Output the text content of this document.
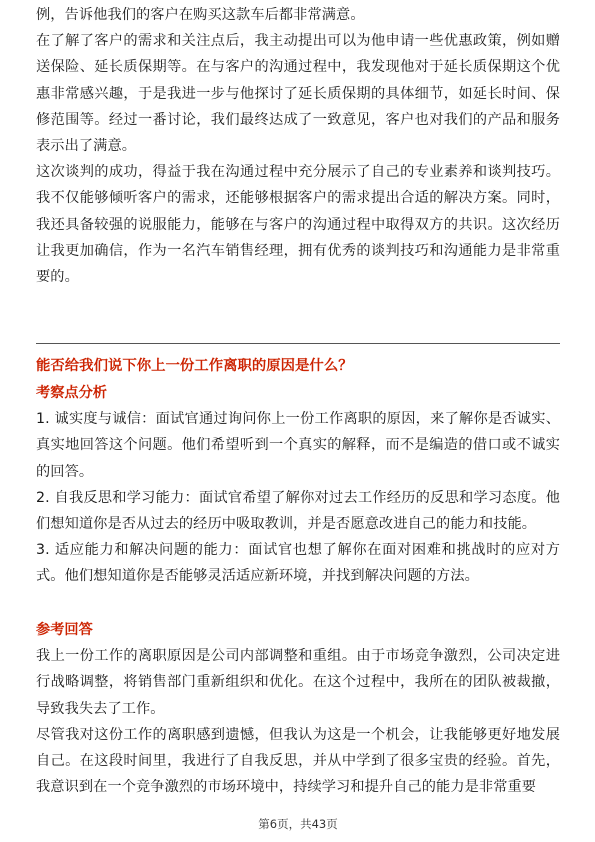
例，告诉他我们的客户在购买这款车后都非常满意。

在了解了客户的需求和关注点后，我主动提出可以为他申请一些优惠政策，例如赠送保险、延长质保期等。在与客户的沟通过程中，我发现他对于延长质保期这个优惠非常感兴趣，于是我进一步与他探讨了延长质保期的具体细节，如延长时间、保修范围等。经过一番讨论，我们最终达成了一致意见，客户也对我们的产品和服务表示出了满意。

这次谈判的成功，得益于我在沟通过程中充分展示了自己的专业素养和谈判技巧。我不仅能够倾听客户的需求，还能够根据客户的需求提出合适的解决方案。同时，我还具备较强的说服能力，能够在与客户的沟通过程中取得双方的共识。这次经历让我更加确信，作为一名汽车销售经理，拥有优秀的谈判技巧和沟通能力是非常重要的。

能否给我们说下你上一份工作离职的原因是什么？

考察点分析

1. 诚实度与诚信：面试官通过询问你上一份工作离职的原因，来了解你是否诚实、真实地回答这个问题。他们希望听到一个真实的解释，而不是编造的借口或不诚实的回答。

2. 自我反思和学习能力：面试官希望了解你对过去工作经历的反思和学习态度。他们想知道你是否从过去的经历中吸取教训，并是否愿意改进自己的能力和技能。

3. 适应能力和解决问题的能力：面试官也想了解你在面对困难和挑战时的应对方式。他们想知道你是否能够灵活适应新环境，并找到解决问题的方法。

参考回答

我上一份工作的离职原因是公司内部调整和重组。由于市场竞争激烈，公司决定进行战略调整，将销售部门重新组织和优化。在这个过程中，我所在的团队被裁撤，导致我失去了工作。

尽管我对这份工作的离职感到遗憾，但我认为这是一个机会，让我能够更好地发展自己。在这段时间里，我进行了自我反思，并从中学到了很多宝贵的经验。首先，我意识到在一个竞争激烈的市场环境中，持续学习和提升自己的能力是非常重要

第6页，共43页
